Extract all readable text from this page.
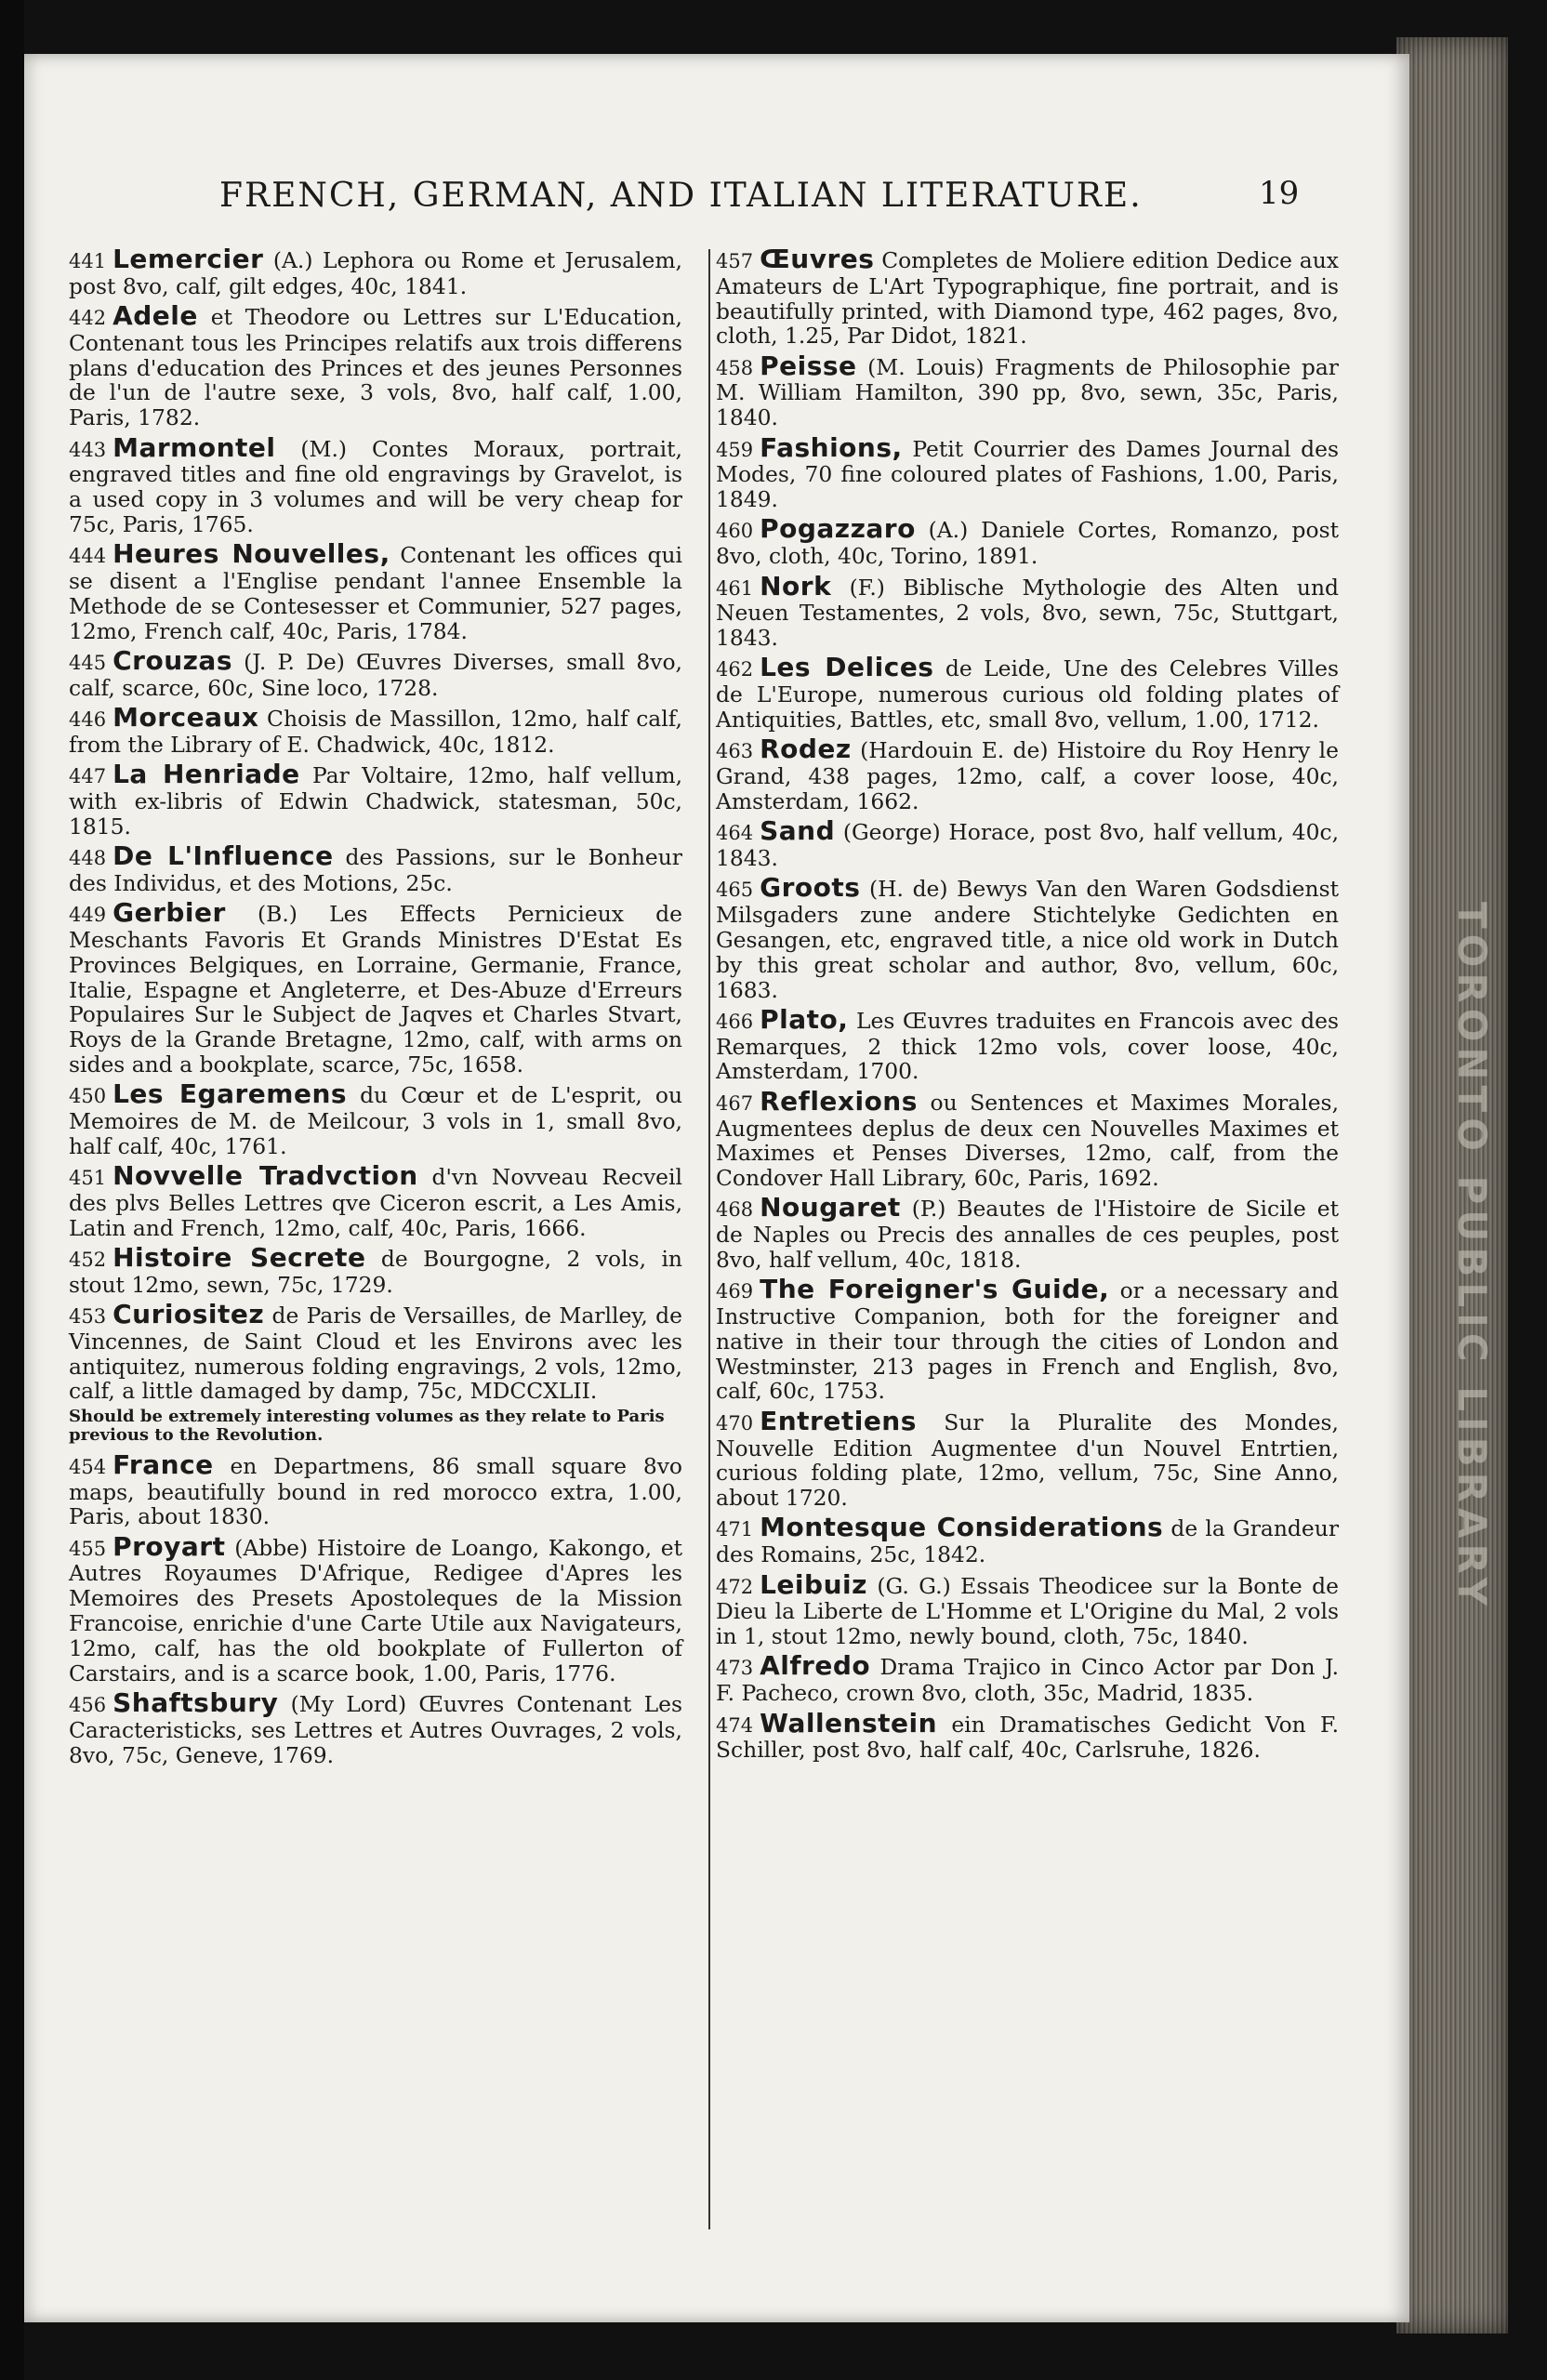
TORONTO PUBLIC LIBRARY
FRENCH, GERMAN, AND ITALIAN LITERATURE.	19

441 Lemercier (A.) Lephora ou Rome et Jerusalem, post 8vo, calf, gilt edges, 40c, 1841.

442 Adele et Theodore ou Lettres sur L'Education, Contenant tous les Principes relatifs aux trois differens plans d'education des Princes et des jeunes Personnes de l'un de l'autre sexe, 3 vols, 8vo, half calf, 1.00, Paris, 1782.

443 Marmontel (M.) Contes Moraux, portrait, engraved titles and fine old engravings by Gravelot, is a used copy in 3 volumes and will be very cheap for 75c, Paris, 1765.

444 Heures Nouvelles, Contenant les offices qui se disent a l'Englise pendant l'annee Ensemble la Methode de se Contesesser et Communier, 527 pages, 12mo, French calf, 40c, Paris, 1784.

445 Crouzas (J. P. De) Œuvres Diverses, small 8vo, calf, scarce, 60c, Sine loco, 1728.

446 Morceaux Choisis de Massillon, 12mo, half calf, from the Library of E. Chadwick, 40c, 1812.

447 La Henriade Par Voltaire, 12mo, half vellum, with ex-libris of Edwin Chadwick, statesman, 50c, 1815.

448 De L'Influence des Passions, sur le Bonheur des Individus, et des Motions, 25c.

449 Gerbier (B.) Les Effects Pernicieux de Meschants Favoris Et Grands Ministres D'Estat Es Provinces Belgiques, en Lorraine, Germanie, France, Italie, Espagne et Angleterre, et Des-Abuze d'Erreurs Populaires Sur le Subject de Jaqves et Charles Stvart, Roys de la Grande Bretagne, 12mo, calf, with arms on sides and a bookplate, scarce, 75c, 1658.

450 Les Egaremens du Cœur et de L'esprit, ou Memoires de M. de Meilcour, 3 vols in 1, small 8vo, half calf, 40c, 1761.

451 Novvelle Tradvction d'vn Novveau Recveil des plvs Belles Lettres qve Ciceron escrit, a Les Amis, Latin and French, 12mo, calf, 40c, Paris, 1666.

452 Histoire Secrete de Bourgogne, 2 vols, in stout 12mo, sewn, 75c, 1729.

453 Curiositez de Paris de Versailles, de Marlley, de Vincennes, de Saint Cloud et les Environs avec les antiquitez, numerous folding engravings, 2 vols, 12mo, calf, a little damaged by damp, 75c, MDCCXLII.

Should be extremely interesting volumes as they relate to Paris previous to the Revolution.

454 France en Departmens, 86 small square 8vo maps, beautifully bound in red morocco extra, 1.00, Paris, about 1830.

455 Proyart (Abbe) Histoire de Loango, Kakongo, et Autres Royaumes D'Afrique, Redigee d'Apres les Memoires des Presets Apostoleques de la Mission Francoise, enrichie d'une Carte Utile aux Navigateurs, 12mo, calf, has the old bookplate of Fullerton of Carstairs, and is a scarce book, 1.00, Paris, 1776.

456 Shaftsbury (My Lord) Œuvres Contenant Les Caracteristicks, ses Lettres et Autres Ouvrages, 2 vols, 8vo, 75c, Geneve, 1769.

457 Œuvres Completes de Moliere edition Dedice aux Amateurs de L'Art Typographique, fine portrait, and is beautifully printed, with Diamond type, 462 pages, 8vo, cloth, 1.25, Par Didot, 1821.

458 Peisse (M. Louis) Fragments de Philosophie par M. William Hamilton, 390 pp, 8vo, sewn, 35c, Paris, 1840.

459 Fashions, Petit Courrier des Dames Journal des Modes, 70 fine coloured plates of Fashions, 1.00, Paris, 1849.

460 Pogazzaro (A.) Daniele Cortes, Romanzo, post 8vo, cloth, 40c, Torino, 1891.

461 Nork (F.) Biblische Mythologie des Alten und Neuen Testamentes, 2 vols, 8vo, sewn, 75c, Stuttgart, 1843.

462 Les Delices de Leide, Une des Celebres Villes de L'Europe, numerous curious old folding plates of Antiquities, Battles, etc, small 8vo, vellum, 1.00, 1712.

463 Rodez (Hardouin E. de) Histoire du Roy Henry le Grand, 438 pages, 12mo, calf, a cover loose, 40c, Amsterdam, 1662.

464 Sand (George) Horace, post 8vo, half vellum, 40c, 1843.

465 Groots (H. de) Bewys Van den Waren Godsdienst Milsgaders zune andere Stichtelyke Gedichten en Gesangen, etc, engraved title, a nice old work in Dutch by this great scholar and author, 8vo, vellum, 60c, 1683.

466 Plato, Les Œuvres traduites en Francois avec des Remarques, 2 thick 12mo vols, cover loose, 40c, Amsterdam, 1700.

467 Reflexions ou Sentences et Maximes Morales, Augmentees deplus de deux cen Nouvelles Maximes et Maximes et Penses Diverses, 12mo, calf, from the Condover Hall Library, 60c, Paris, 1692.

468 Nougaret (P.) Beautes de l'Histoire de Sicile et de Naples ou Precis des annalles de ces peuples, post 8vo, half vellum, 40c, 1818.

469 The Foreigner's Guide, or a necessary and Instructive Companion, both for the foreigner and native in their tour through the cities of London and Westminster, 213 pages in French and English, 8vo, calf, 60c, 1753.

470 Entretiens Sur la Pluralite des Mondes, Nouvelle Edition Augmentee d'un Nouvel Entrtien, curious folding plate, 12mo, vellum, 75c, Sine Anno, about 1720.

471 Montesque Considerations de la Grandeur des Romains, 25c, 1842.

472 Leibuiz (G. G.) Essais Theodicee sur la Bonte de Dieu la Liberte de L'Homme et L'Origine du Mal, 2 vols in 1, stout 12mo, newly bound, cloth, 75c, 1840.

473 Alfredo Drama Trajico in Cinco Actor par Don J. F. Pacheco, crown 8vo, cloth, 35c, Madrid, 1835.

474 Wallenstein ein Dramatisches Gedicht Von F. Schiller, post 8vo, half calf, 40c, Carlsruhe, 1826.
